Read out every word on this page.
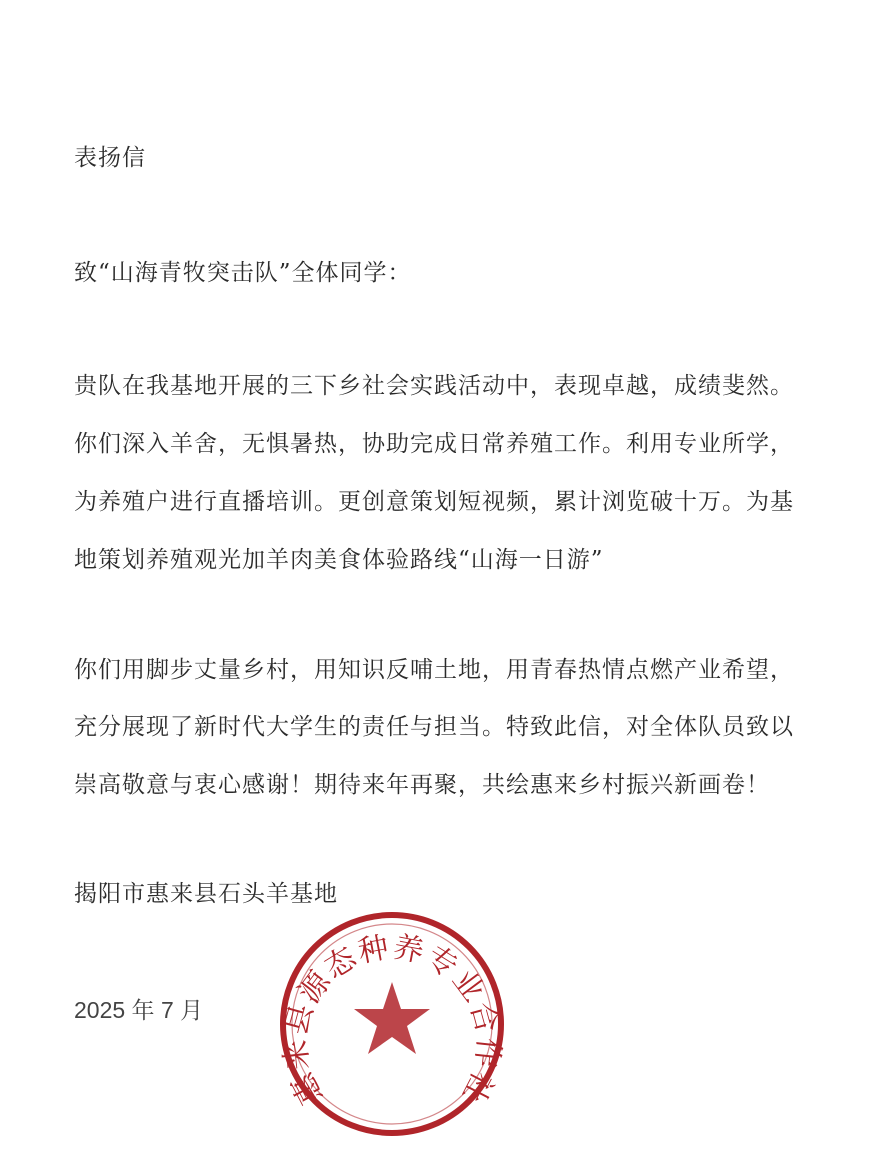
表扬信
致“山海青牧突击队”全体同学：
贵队在我基地开展的三下乡社会实践活动中，表现卓越，成绩斐然。
你们深入羊舍，无惧暑热，协助完成日常养殖工作。利用专业所学，
为养殖户进行直播培训。更创意策划短视频，累计浏览破十万。为基
地策划养殖观光加羊肉美食体验路线“山海一日游”
你们用脚步丈量乡村，用知识反哺土地，用青春热情点燃产业希望，
充分展现了新时代大学生的责任与担当。特致此信，对全体队员致以
崇高敬意与衷心感谢！期待来年再聚，共绘惠来乡村振兴新画卷！
揭阳市惠来县石头羊基地
2025 年 7 月
惠来县源态种养专业合作社
